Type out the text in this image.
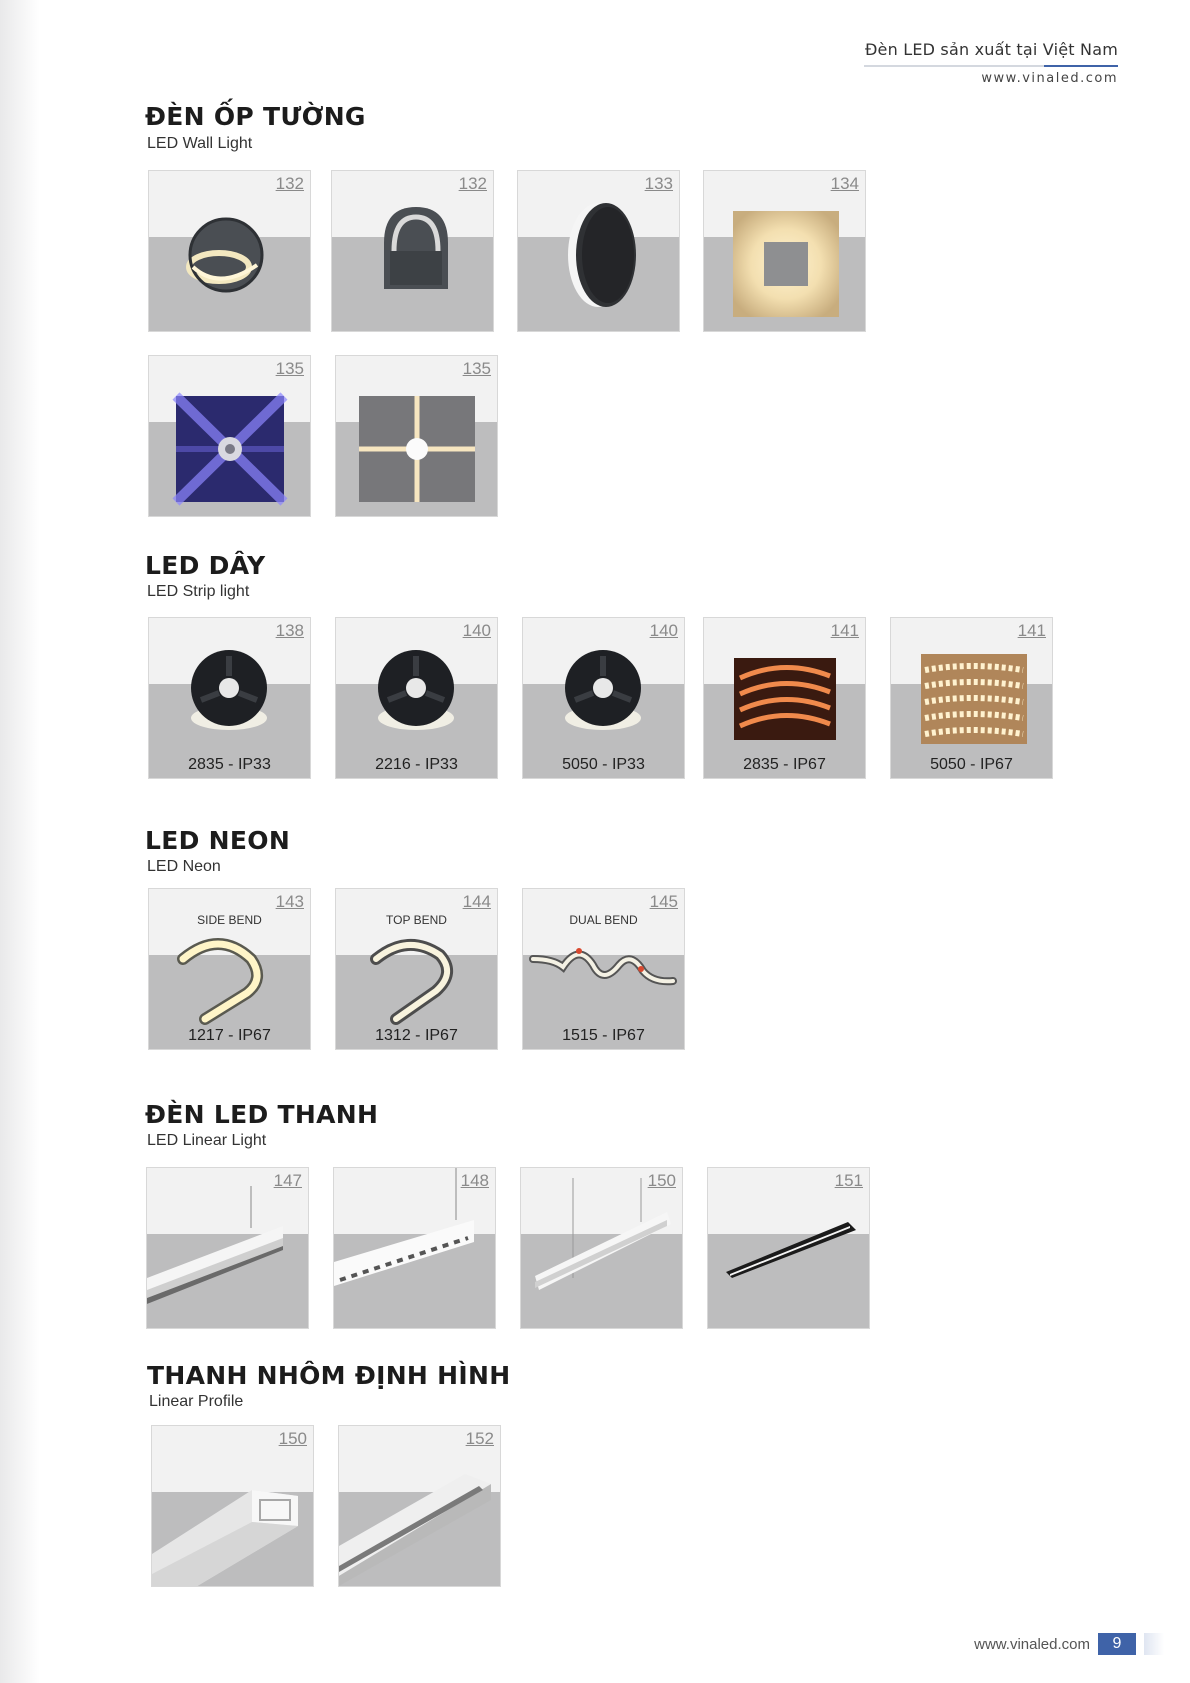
Đèn LED sản xuất tại Việt Nam
www.vinaled.com
ĐÈN ỐP TƯỜNG
LED Wall Light
132	132	133	134
135	135
LED DÂY
LED Strip light
138
2835 - IP33
140
2216 - IP33
140
5050 - IP33
141
2835 - IP67
141
5050 - IP67
LED NEON
LED Neon
143
SIDE BEND
1217 - IP67
144
TOP BEND
1312 - IP67
145
DUAL BEND
1515 - IP67
ĐÈN LED THANH
LED Linear Light
147	148	150	151
THANH NHÔM ĐỊNH HÌNH
Linear Profile
150	152
www.vinaled.com	9
